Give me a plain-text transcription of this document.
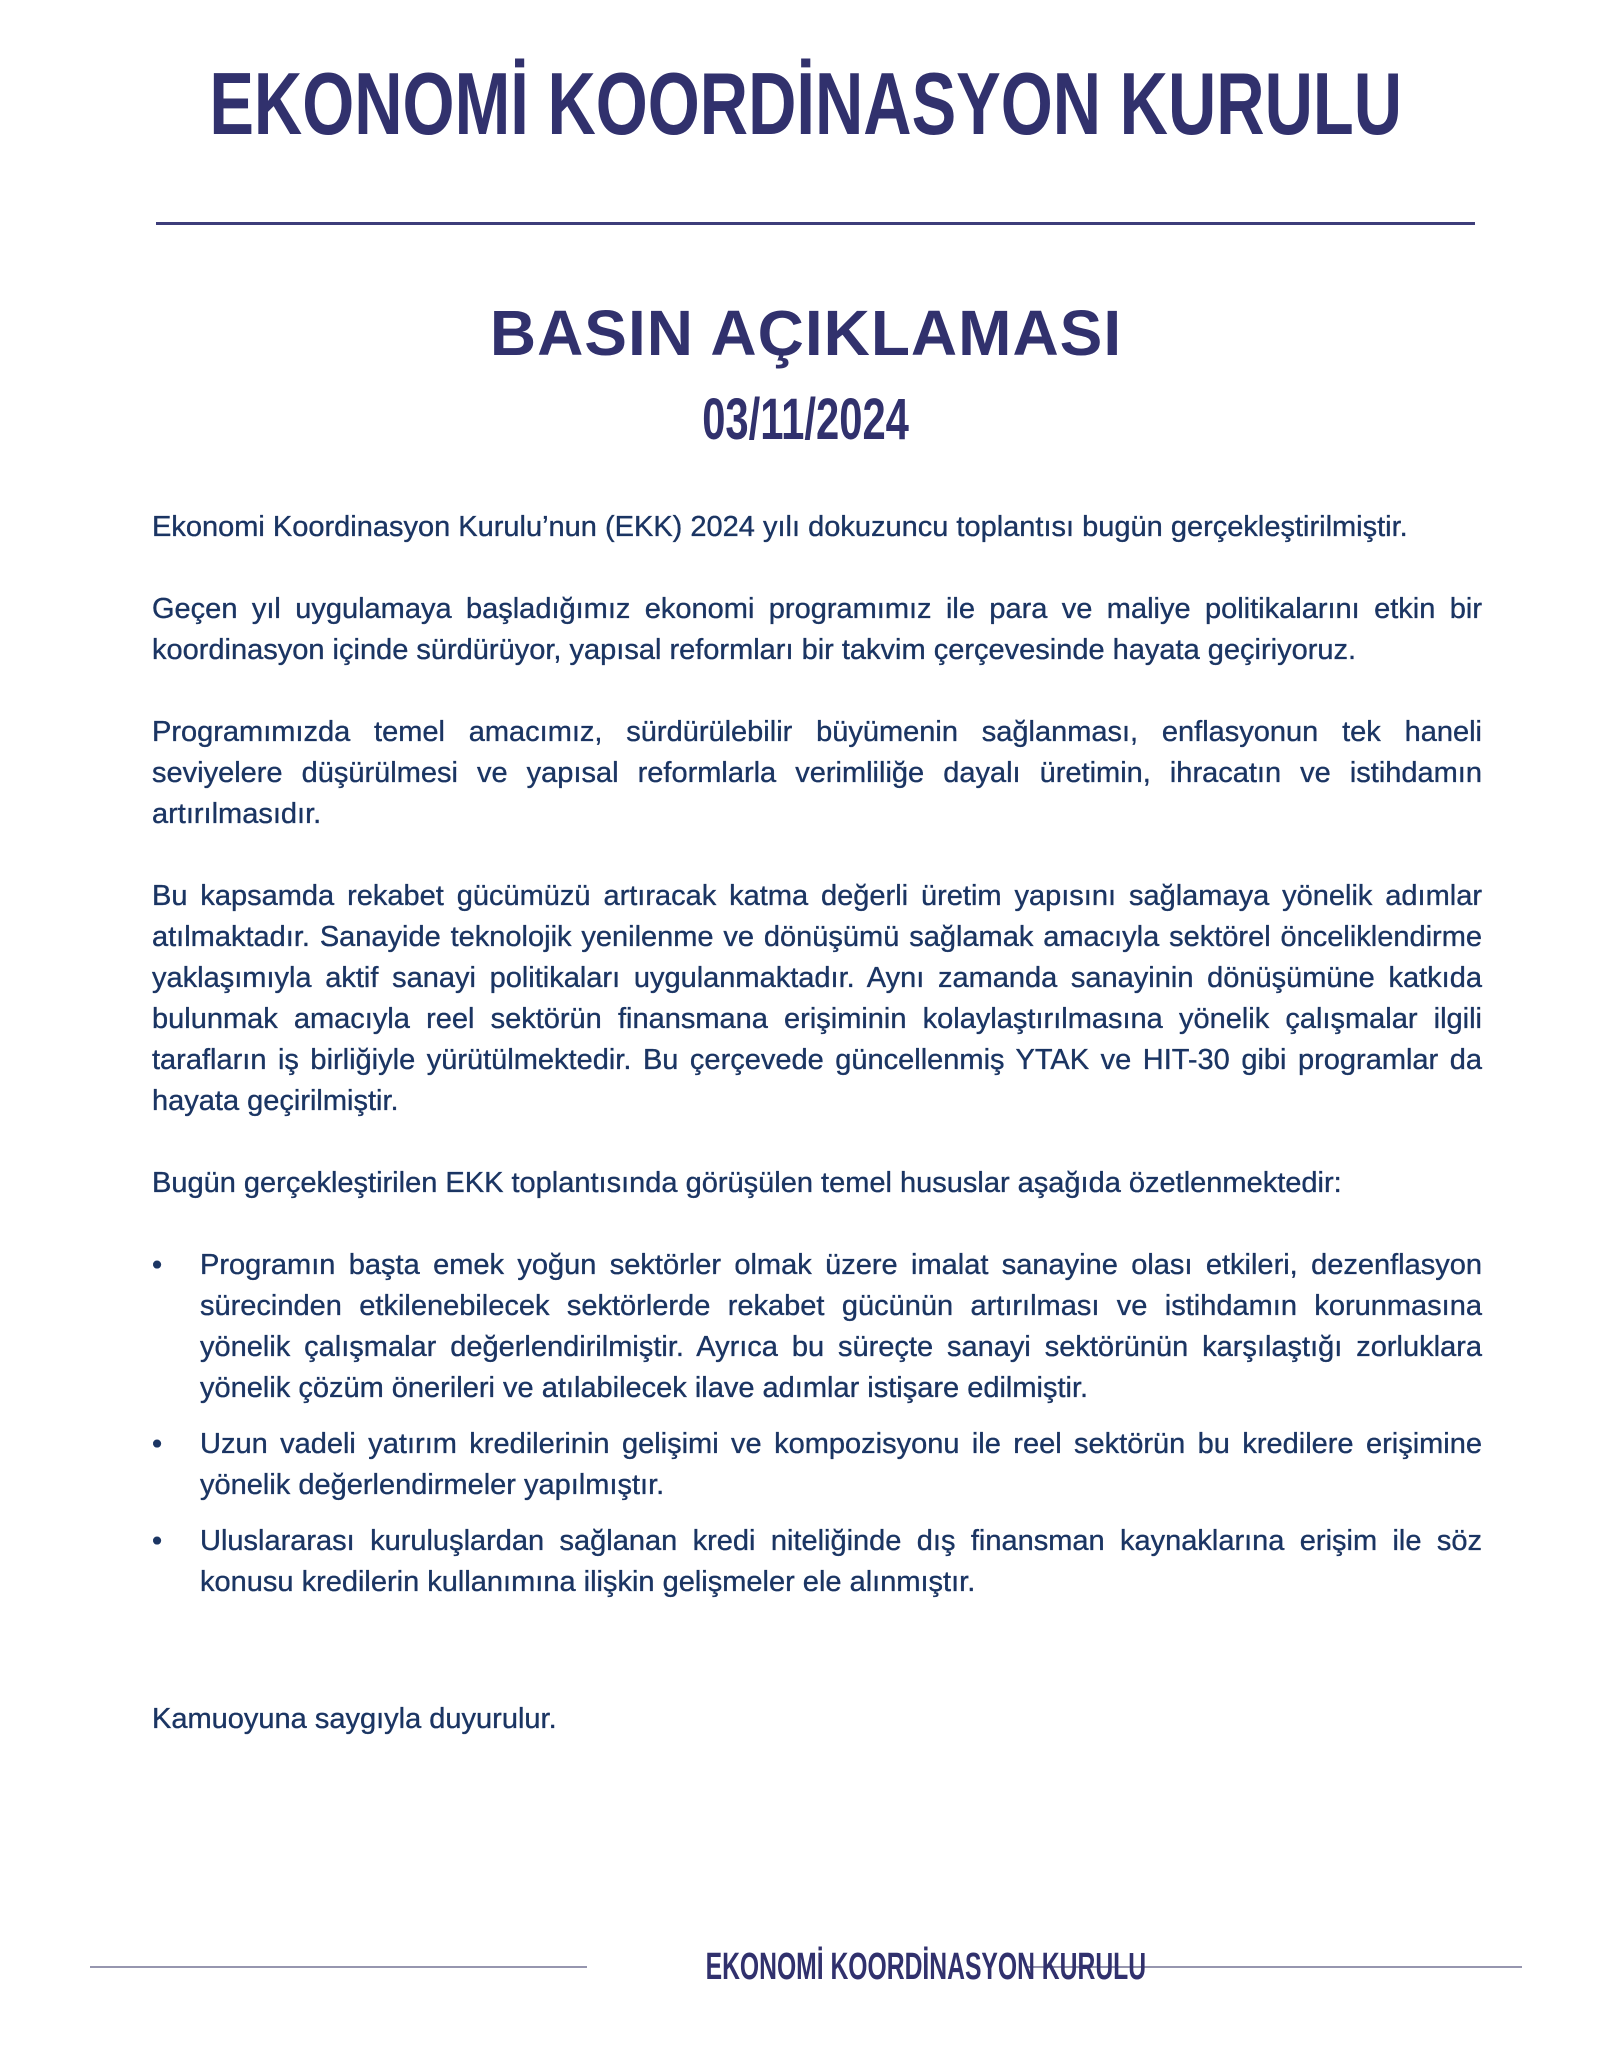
EKONOMİ KOORDİNASYON KURULU
BASIN AÇIKLAMASI
03/11/2024

Ekonomi Koordinasyon Kurulu’nun (EKK) 2024 yılı dokuzuncu toplantısı bugün gerçekleştirilmiştir.

Geçen yıl uygulamaya başladığımız ekonomi programımız ile para ve maliye politikalarını etkin bir koordinasyon içinde sürdürüyor, yapısal reformları bir takvim çerçevesinde hayata geçiriyoruz.

Programımızda temel amacımız, sürdürülebilir büyümenin sağlanması, enflasyonun tek haneli seviyelere düşürülmesi ve yapısal reformlarla verimliliğe dayalı üretimin, ihracatın ve istihdamın artırılmasıdır.

Bu kapsamda rekabet gücümüzü artıracak katma değerli üretim yapısını sağlamaya yönelik adımlar atılmaktadır. Sanayide teknolojik yenilenme ve dönüşümü sağlamak amacıyla sektörel önceliklendirme yaklaşımıyla aktif sanayi politikaları uygulanmaktadır. Aynı zamanda sanayinin dönüşümüne katkıda bulunmak amacıyla reel sektörün finansmana erişiminin kolaylaştırılmasına yönelik çalışmalar ilgili tarafların iş birliğiyle yürütülmektedir. Bu çerçevede güncellenmiş YTAK ve HIT-30 gibi programlar da hayata geçirilmiştir.

Bugün gerçekleştirilen EKK toplantısında görüşülen temel hususlar aşağıda özetlenmektedir:

•	Programın başta emek yoğun sektörler olmak üzere imalat sanayine olası etkileri, dezenflasyon sürecinden etkilenebilecek sektörlerde rekabet gücünün artırılması ve istihdamın korunmasına yönelik çalışmalar değerlendirilmiştir. Ayrıca bu süreçte sanayi sektörünün karşılaştığı zorluklara yönelik çözüm önerileri ve atılabilecek ilave adımlar istişare edilmiştir.
•	Uzun vadeli yatırım kredilerinin gelişimi ve kompozisyonu ile reel sektörün bu kredilere erişimine yönelik değerlendirmeler yapılmıştır.
•	Uluslararası kuruluşlardan sağlanan kredi niteliğinde dış finansman kaynaklarına erişim ile söz konusu kredilerin kullanımına ilişkin gelişmeler ele alınmıştır.

Kamuoyuna saygıyla duyurulur.

EKONOMİ KOORDİNASYON KURULU
